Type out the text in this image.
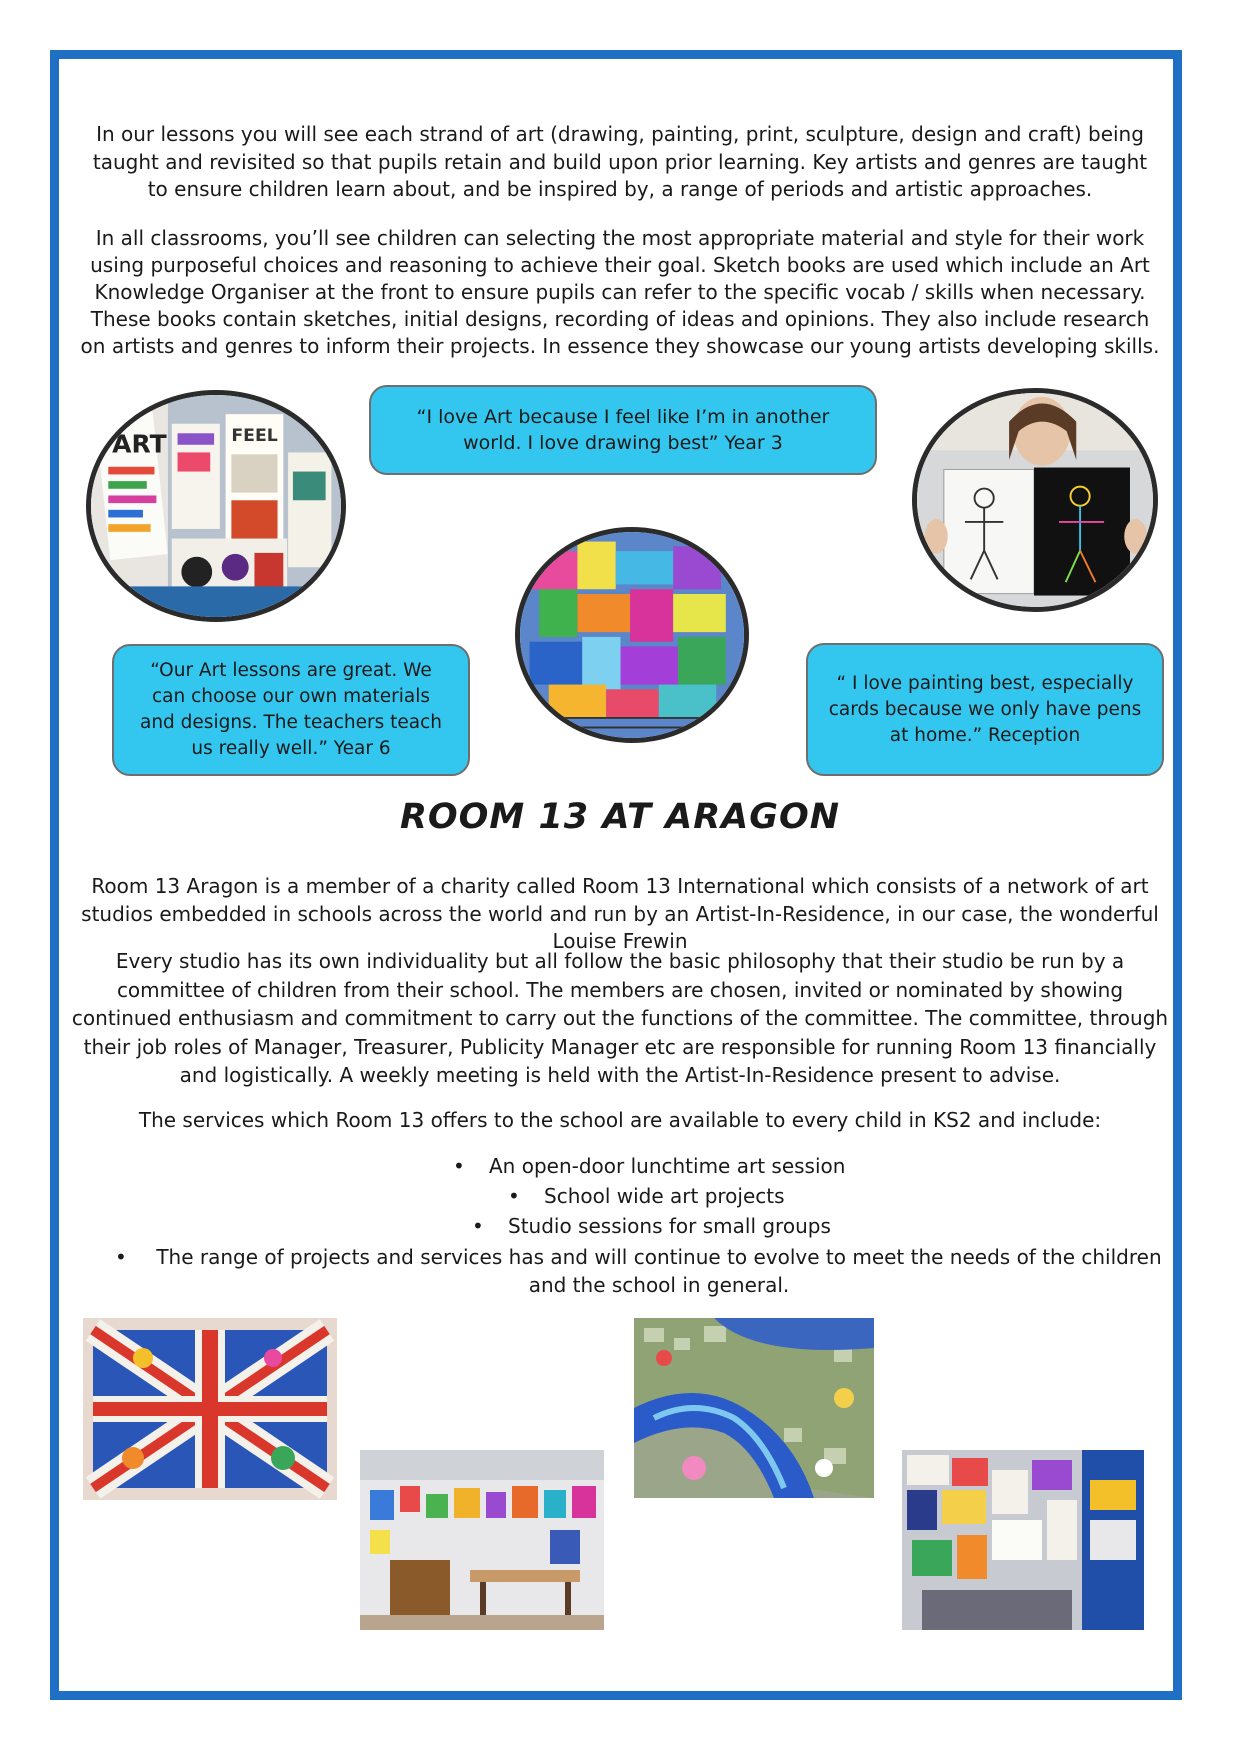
In our lessons you will see each strand of art (drawing, painting, print, sculpture, design and craft) being taught and revisited so that pupils retain and build upon prior learning. Key artists and genres are taught to ensure children learn about, and be inspired by, a range of periods and artistic approaches.

In all classrooms, you’ll see children can selecting the most appropriate material and style for their work using purposeful choices and reasoning to achieve their goal. Sketch books are used which include an Art Knowledge Organiser at the front to ensure pupils can refer to the specific vocab / skills when necessary. These books contain sketches, initial designs, recording of ideas and opinions. They also include research on artists and genres to inform their projects. In essence they showcase our young artists developing skills.

ART	FEEL
“I love Art because I feel like I’m in another world. I love drawing best” Year 3
“Our Art lessons are great. We can choose our own materials and designs. The teachers teach us really well.” Year 6
“ I love painting best, especially cards because we only have pens at home.” Reception
ROOM 13 AT ARAGON

Room 13 Aragon is a member of a charity called Room 13 International which consists of a network of art studios embedded in schools across the world and run by an Artist-In-Residence, in our case, the wonderful Louise Frewin

Every studio has its own individuality but all follow the basic philosophy that their studio be run by a committee of children from their school. The members are chosen, invited or nominated by showing continued enthusiasm and commitment to carry out the functions of the committee. The committee, through their job roles of Manager, Treasurer, Publicity Manager etc are responsible for running Room 13 financially and logistically. A weekly meeting is held with the Artist-In-Residence present to advise.

The services which Room 13 offers to the school are available to every child in KS2 and include:

• An open-door lunchtime art session
• School wide art projects
• Studio sessions for small groups
• The range of projects and services has and will continue to evolve to meet the needs of the children and the school in general.
